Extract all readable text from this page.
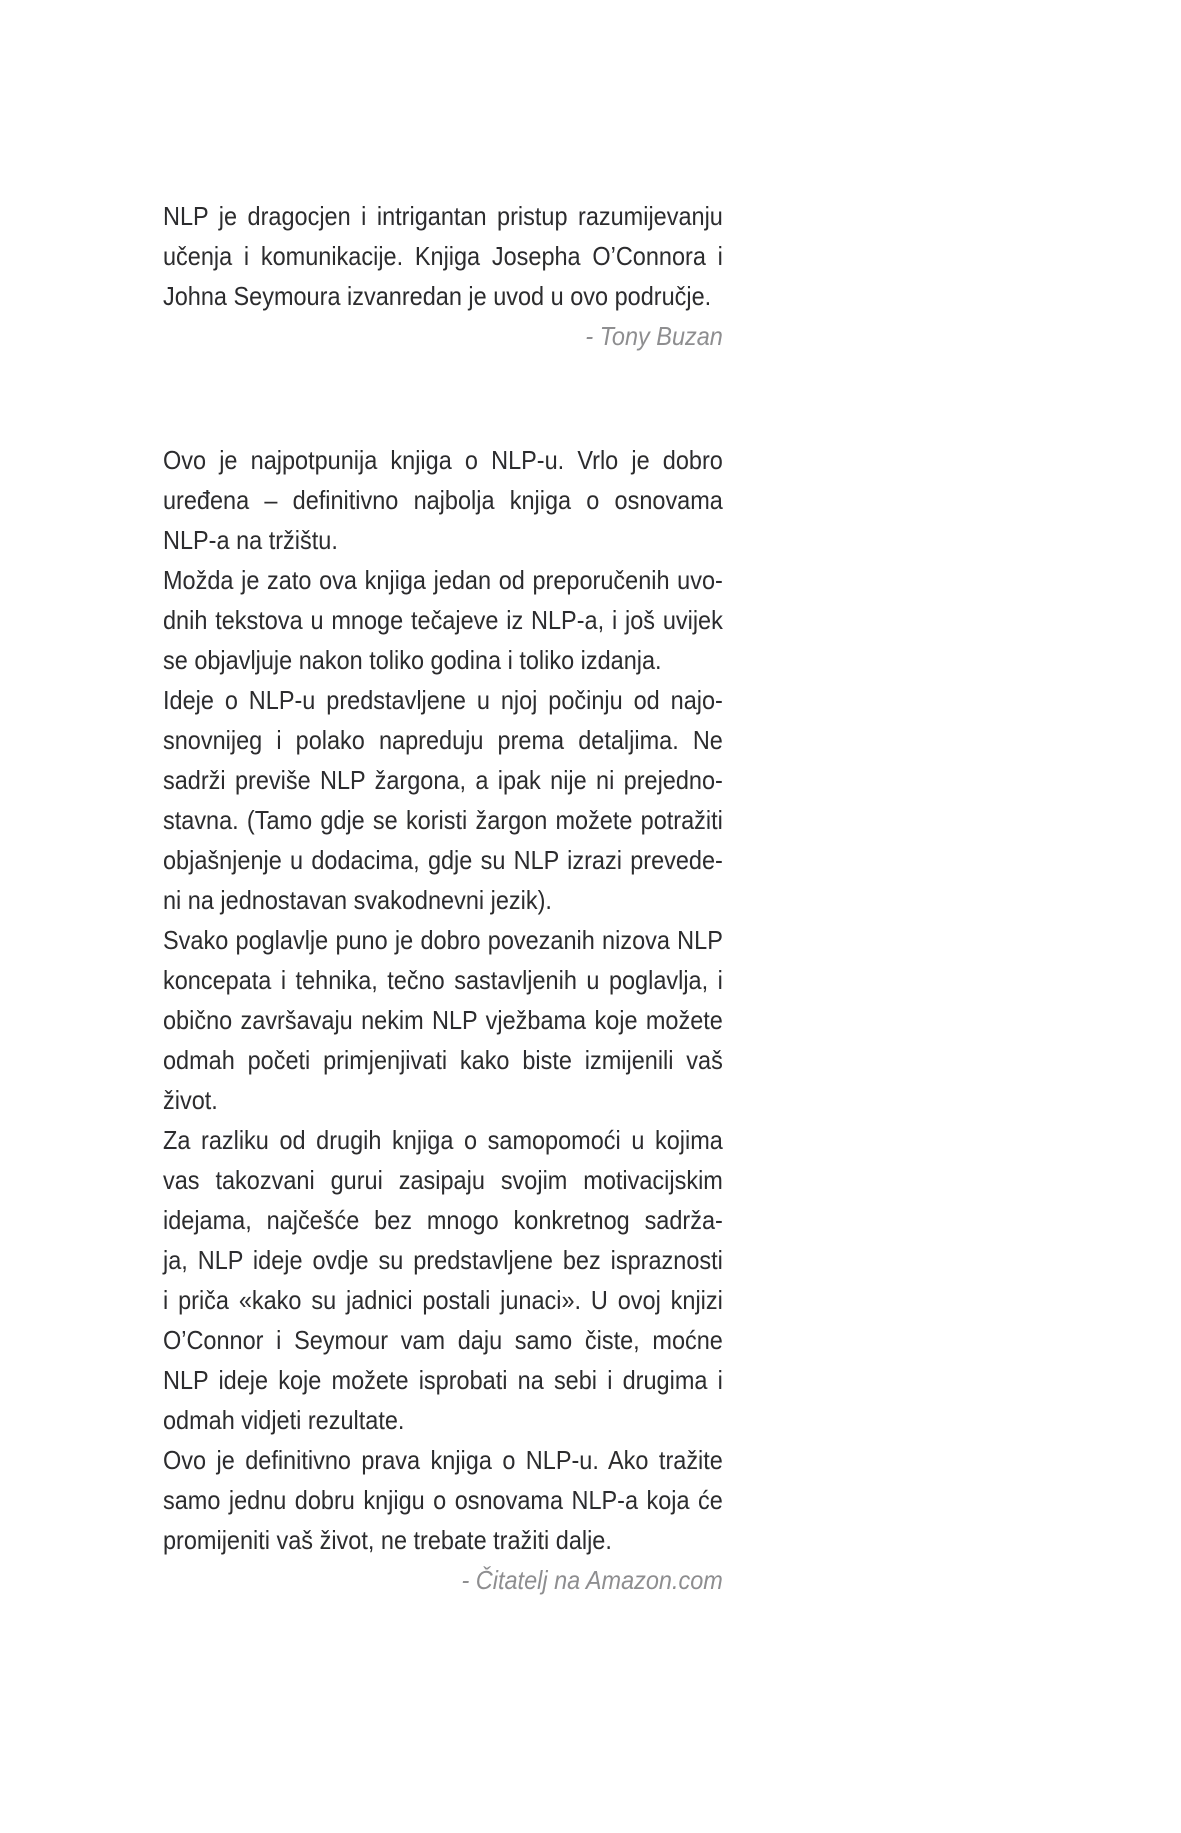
NLP je dragocjen i intrigantan pristup razumijevanju
učenja i komunikacije. Knjiga Josepha O’Connora i
Johna Seymoura izvanredan je uvod u ovo područje.
- Tony Buzan
Ovo je najpotpunija knjiga o NLP-u. Vrlo je dobro
uređena – definitivno najbolja knjiga o osnovama
NLP-a na tržištu.
Možda je zato ova knjiga jedan od preporučenih uvo-
dnih tekstova u mnoge tečajeve iz NLP-a, i još uvijek
se objavljuje nakon toliko godina i toliko izdanja.
Ideje o NLP-u predstavljene u njoj počinju od najo-
snovnijeg i polako napreduju prema detaljima. Ne
sadrži previše NLP žargona, a ipak nije ni prejedno-
stavna. (Tamo gdje se koristi žargon možete potražiti
objašnjenje u dodacima, gdje su NLP izrazi prevede-
ni na jednostavan svakodnevni jezik).
Svako poglavlje puno je dobro povezanih nizova NLP
koncepata i tehnika, tečno sastavljenih u poglavlja, i
obično završavaju nekim NLP vježbama koje možete
odmah početi primjenjivati kako biste izmijenili vaš
život.
Za razliku od drugih knjiga o samopomoći u kojima
vas takozvani gurui zasipaju svojim motivacijskim
idejama, najčešće bez mnogo konkretnog sadrža-
ja, NLP ideje ovdje su predstavljene bez ispraznosti
i priča «kako su jadnici postali junaci». U ovoj knjizi
O’Connor i Seymour vam daju samo čiste, moćne
NLP ideje koje možete isprobati na sebi i drugima i
odmah vidjeti rezultate.
Ovo je definitivno prava knjiga o NLP-u. Ako tražite
samo jednu dobru knjigu o osnovama NLP-a koja će
promijeniti vaš život, ne trebate tražiti dalje.
- Čitatelj na Amazon.com
